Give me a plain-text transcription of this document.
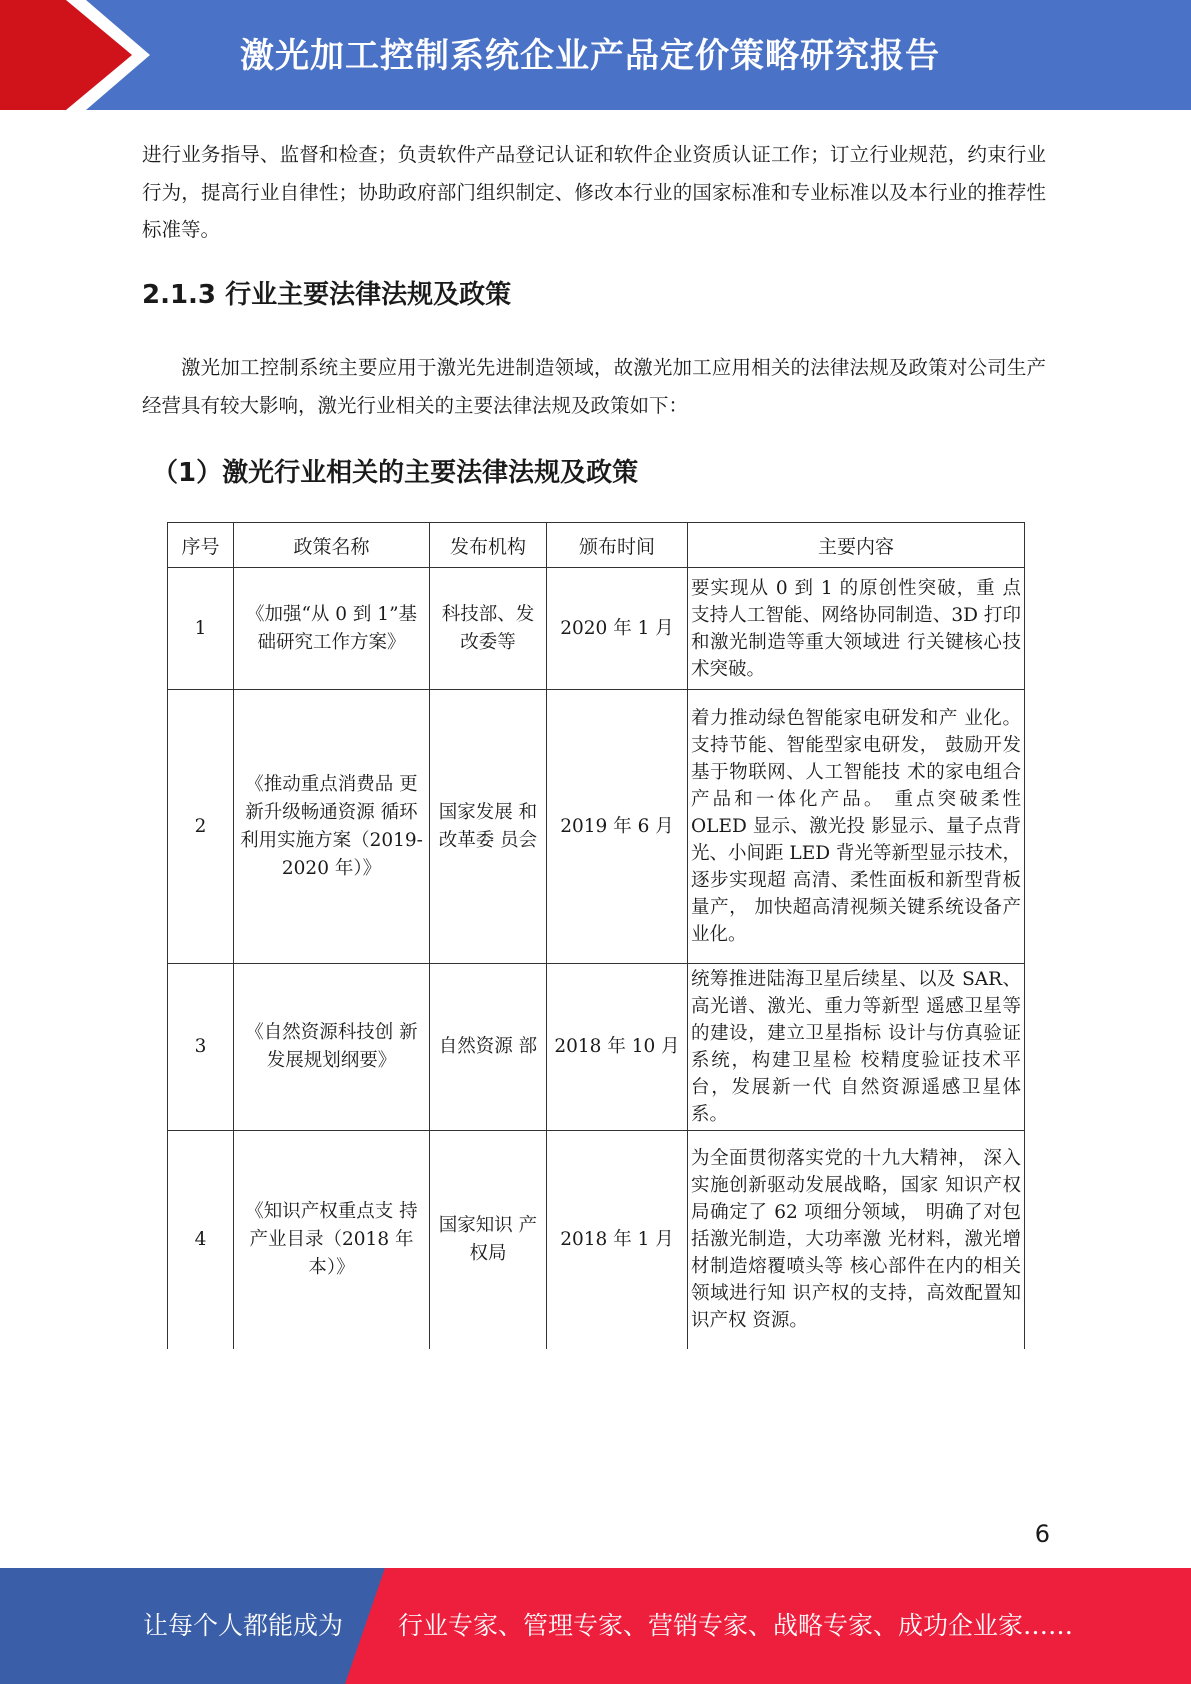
激光加工控制系统企业产品定价策略研究报告

进行业务指导、监督和检查；负责软件产品登记认证和软件企业资质认证工作；订立行业规范，约束行业行为，提高行业自律性；协助政府部门组织制定、修改本行业的国家标准和专业标准以及本行业的推荐性标准等。

2.1.3 行业主要法律法规及政策

激光加工控制系统主要应用于激光先进制造领域，故激光加工应用相关的法律法规及政策对公司生产经营具有较大影响，激光行业相关的主要法律法规及政策如下：

（1）激光行业相关的主要法律法规及政策
序号	政策名称	发布机构	颁布时间	主要内容
1	《加强“从 0 到 1”基础研究工作方案》	科技部、发改委等	2020 年 1 月	要实现从 0 到 1 的原创性突破，重 点支持人工智能、网络协同制造、3D 打印和激光制造等重大领域进 行关键核心技术突破。
2	《推动重点消费品 更新升级畅通资源 循环利用实施方案（2019-2020 年）》	国家发展 和改革委 员会	2019 年 6 月	着力推动绿色智能家电研发和产 业化。支持节能、智能型家电研发， 鼓励开发基于物联网、人工智能技 术的家电组合产品和一体化产品。 重点突破柔性 OLED 显示、激光投 影显示、量子点背光、小间距 LED 背光等新型显示技术，逐步实现超 高清、柔性面板和新型背板量产， 加快超高清视频关键系统设备产 业化。
3	《自然资源科技创 新发展规划纲要》	自然资源 部	2018 年 10 月	统筹推进陆海卫星后续星、以及 SAR、高光谱、激光、重力等新型 遥感卫星等的建设，建立卫星指标 设计与仿真验证系统，构建卫星检 校精度验证技术平台，发展新一代 自然资源遥感卫星体系。
4	《知识产权重点支 持产业目录（2018 年本）》	国家知识 产权局	2018 年 1 月	为全面贯彻落实党的十九大精神， 深入实施创新驱动发展战略，国家 知识产权局确定了 62 项细分领域， 明确了对包括激光制造，大功率激 光材料，激光增材制造熔覆喷头等 核心部件在内的相关领域进行知 识产权的支持，高效配置知识产权 资源。
6
让每个人都能成为 行业专家、管理专家、营销专家、战略专家、成功企业家……
